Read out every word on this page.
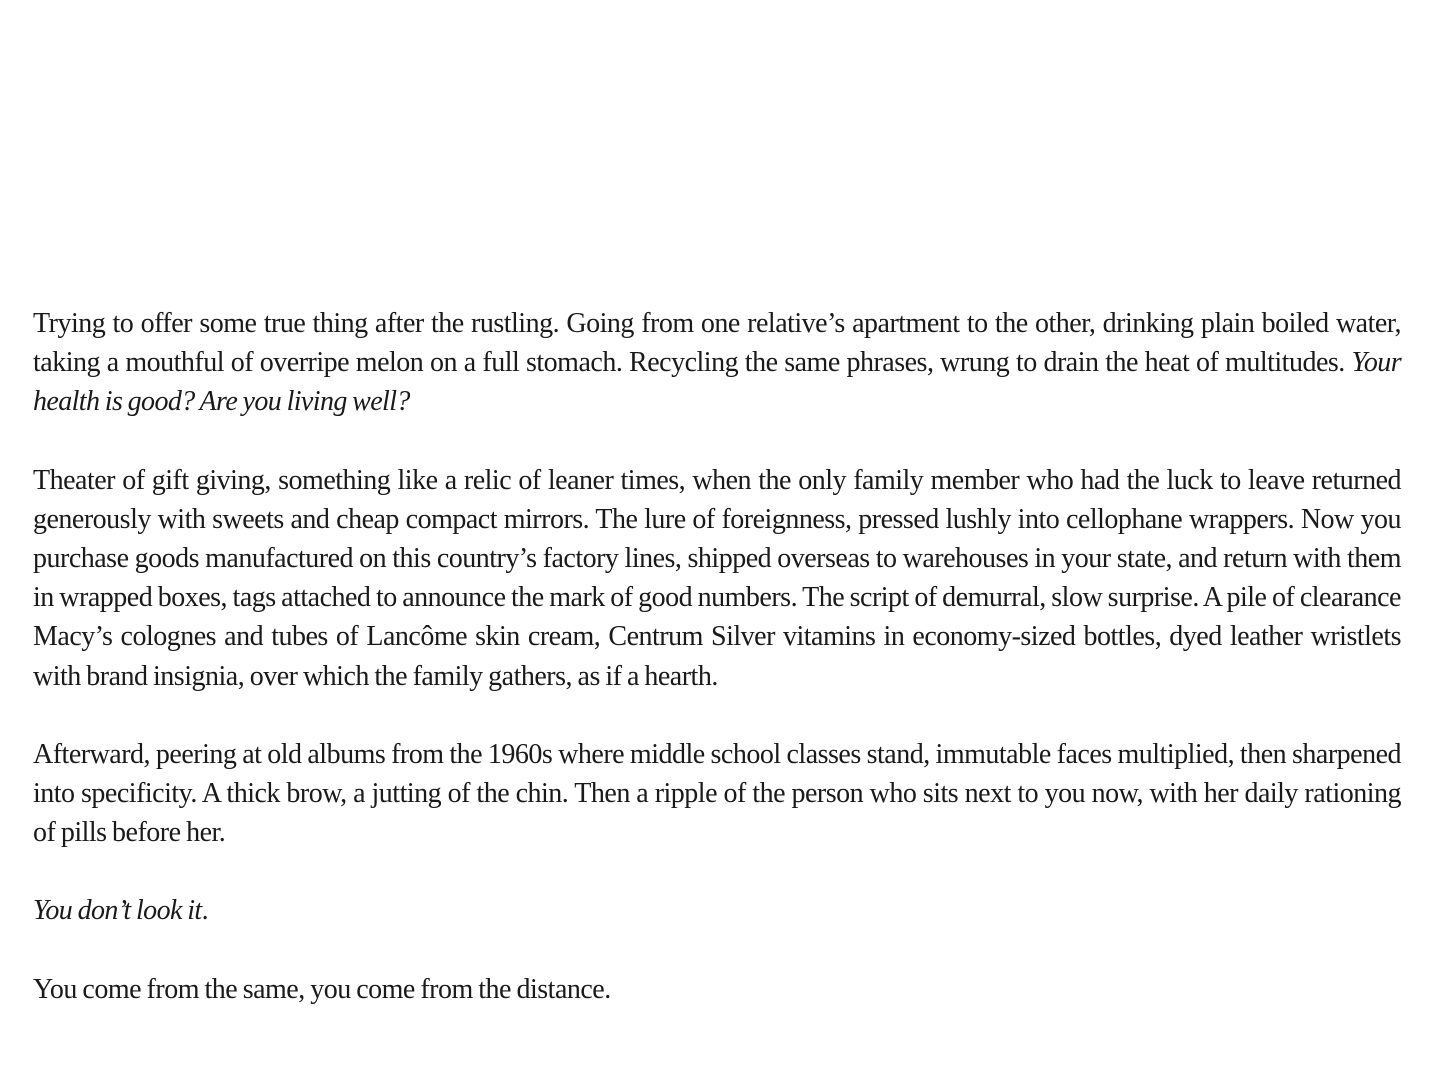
Trying to offer some true thing after the rustling. Going from one relative’s apartment to the other, drinking plain boiled water, taking a mouthful of overripe melon on a full stomach. Recycling the same phrases, wrung to drain the heat of multitudes. Your health is good? Are you living well?

Theater of gift giving, something like a relic of leaner times, when the only family member who had the luck to leave returned generously with sweets and cheap compact mirrors. The lure of foreignness, pressed lushly into cellophane wrappers. Now you purchase goods manufactured on this country’s factory lines, shipped overseas to warehouses in your state, and return with them in wrapped boxes, tags attached to announce the mark of good numbers. The script of demurral, slow surprise. A pile of clearance Macy’s colognes and tubes of Lancôme skin cream, Centrum Silver vitamins in economy-sized bottles, dyed leather wristlets with brand insignia, over which the family gathers, as if a hearth.

Afterward, peering at old albums from the 1960s where middle school classes stand, immutable faces multiplied, then sharpened into specificity. A thick brow, a jutting of the chin. Then a ripple of the person who sits next to you now, with her daily rationing of pills before her.

You don’t look it.

You come from the same, you come from the distance.
